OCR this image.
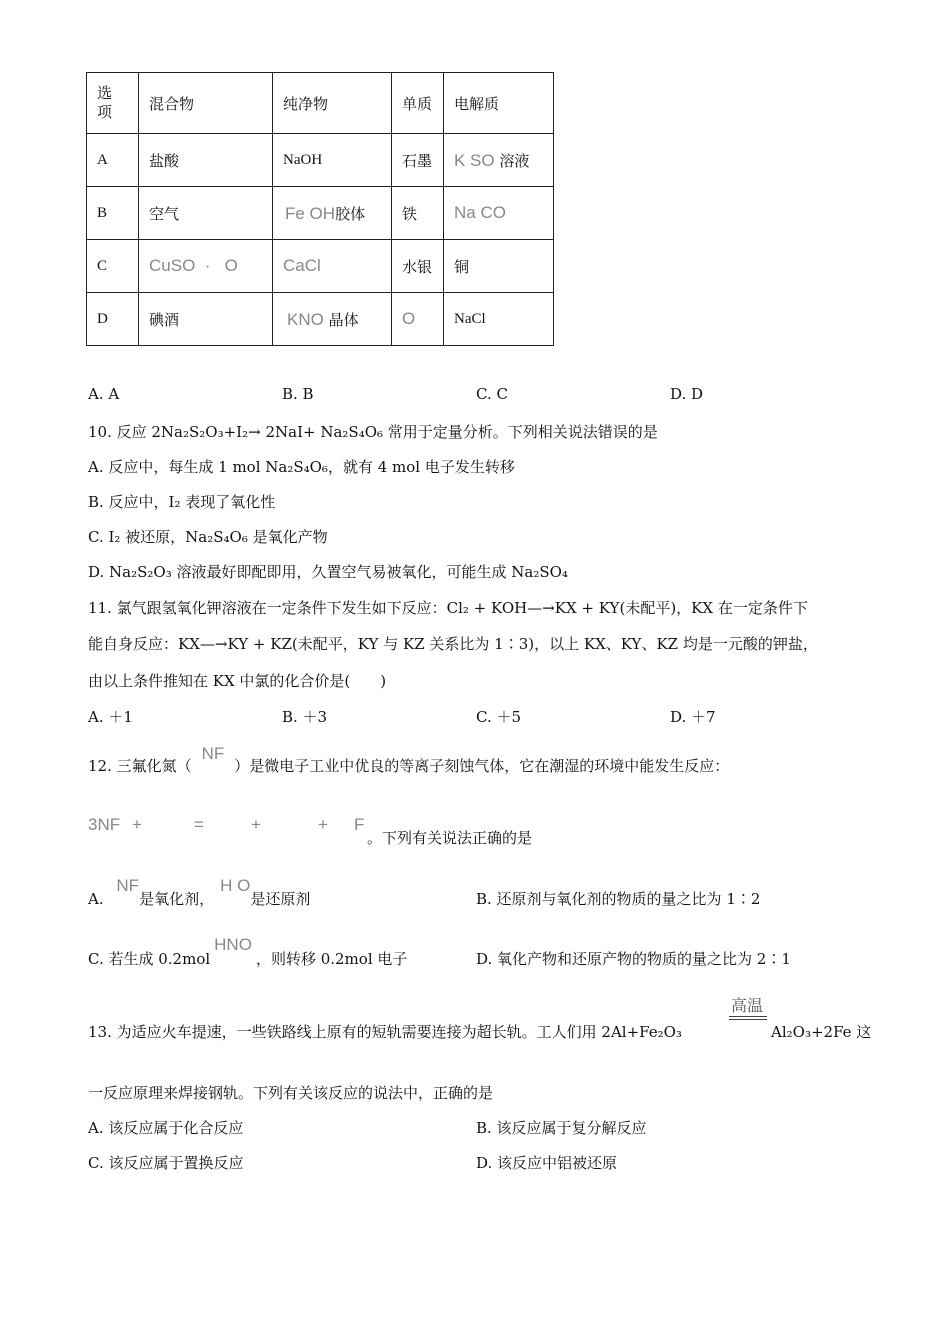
选
项	混合物	纯净物	单质	电解质
A	盐酸	NaOH	石墨	K SO 溶液
B	空气	Fe OH胶体	铁	Na CO
C	CuSO  ·   O	CaCl	水银	铜
D	碘酒	KNO 晶体	O	NaCl
A. A	B. B	C. C	D. D
10. 反应 2Na₂S₂O₃+I₂→ 2NaI+ Na₂S₄O₆ 常用于定量分析。下列相关说法错误的是
A. 反应中，每生成 1 mol Na₂S₄O₆，就有 4 mol 电子发生转移
B. 反应中，I₂ 表现了氧化性
C. I₂ 被还原，Na₂S₄O₆ 是氧化产物
D. Na₂S₂O₃ 溶液最好即配即用，久置空气易被氧化，可能生成 Na₂SO₄
11. 氯气跟氢氧化钾溶液在一定条件下发生如下反应：Cl₂ + KOH—→KX + KY(未配平)，KX 在一定条件下
能自身反应：KX—→KY + KZ(未配平，KY 与 KZ 关系比为 1∶3)，以上 KX、KY、KZ 均是一元酸的钾盐，
由以上条件推知在 KX 中氯的化合价是(　　)
A. ＋1	B. ＋3	C. ＋5	D. ＋7
12. 三氟化氮（NF）是微电子工业中优良的等离子刻蚀气体，它在潮湿的环境中能发生反应：
3NF +	=	+	+ F
。下列有关说法正确的是
A. NF是氧化剂，H O是还原剂	B. 还原剂与氧化剂的物质的量之比为 1∶2
C. 若生成 0.2molHNO，则转移 0.2mol 电子	D. 氧化产物和还原产物的物质的量之比为 2∶1
高温
13. 为适应火车提速，一些铁路线上原有的短轨需要连接为超长轨。工人们用 2Al+Fe₂O₃	Al₂O₃+2Fe 这
一反应原理来焊接钢轨。下列有关该反应的说法中，正确的是
A. 该反应属于化合反应	B. 该反应属于复分解反应
C. 该反应属于置换反应	D. 该反应中铝被还原
